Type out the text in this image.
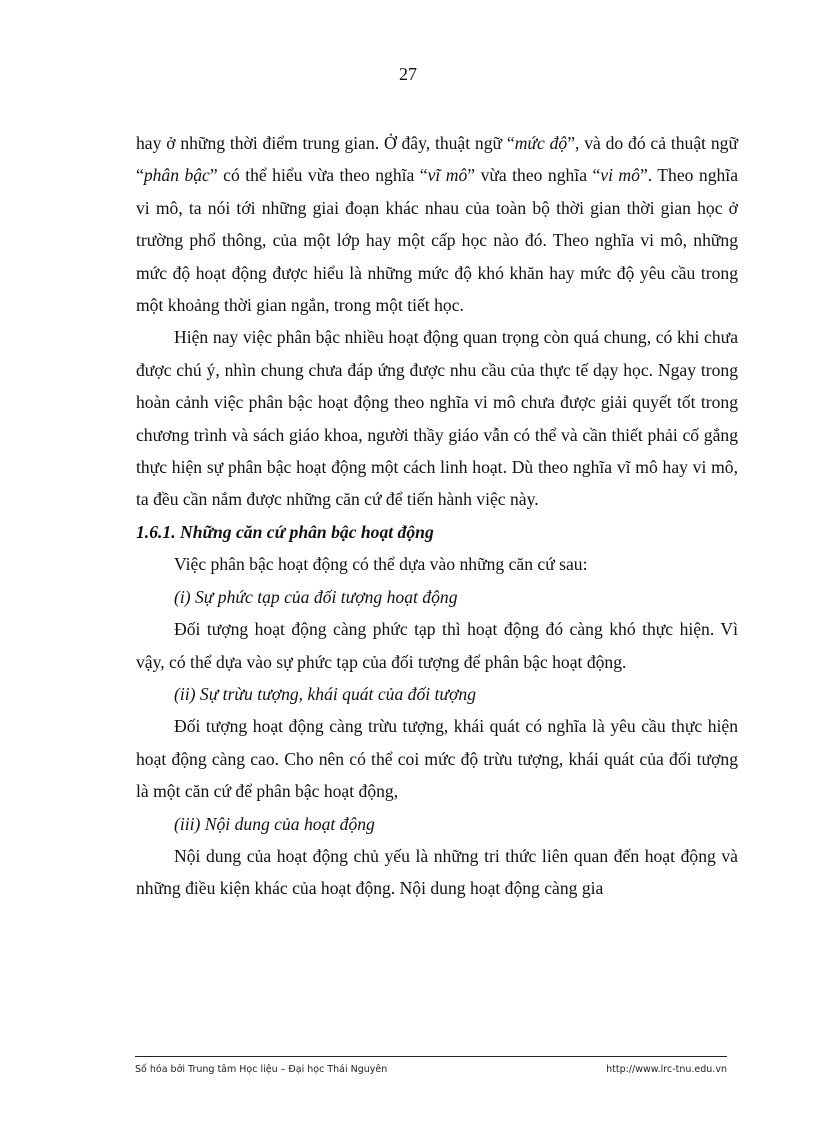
27

hay ở những thời điểm trung gian. Ở đây, thuật ngữ “mức độ”, và do đó cả thuật ngữ “phân bậc” có thể hiểu vừa theo nghĩa “vĩ mô” vừa theo nghĩa “vi mô”. Theo nghĩa vi mô, ta nói tới những giai đoạn khác nhau của toàn bộ thời gian thời gian học ở trường phổ thông, của một lớp hay một cấp học nào đó. Theo nghĩa vi mô, những mức độ hoạt động được hiểu là những mức độ khó khăn hay mức độ yêu cầu trong một khoảng thời gian ngắn, trong một tiết học.

Hiện nay việc phân bậc nhiều hoạt động quan trọng còn quá chung, có khi chưa được chú ý, nhìn chung chưa đáp ứng được nhu cầu của thực tế dạy học. Ngay trong hoàn cảnh việc phân bậc hoạt động theo nghĩa vi mô chưa được giải quyết tốt trong chương trình và sách giáo khoa, người thầy giáo vẫn có thể và cần thiết phải cố gắng thực hiện sự phân bậc hoạt động một cách linh hoạt. Dù theo nghĩa vĩ mô hay vi mô, ta đều cần nắm được những căn cứ để tiến hành việc này.

1.6.1. Những căn cứ phân bậc hoạt động

Việc phân bậc hoạt động có thể dựa vào những căn cứ sau:

(i) Sự phức tạp của đối tượng hoạt động

Đối tượng hoạt động càng phức tạp thì hoạt động đó càng khó thực hiện. Vì vậy, có thể dựa vào sự phức tạp của đối tượng để phân bậc hoạt động.

(ii) Sự trừu tượng, khái quát của đối tượng

Đối tượng hoạt động càng trừu tượng, khái quát có nghĩa là yêu cầu thực hiện hoạt động càng cao. Cho nên có thể coi mức độ trừu tượng, khái quát của đối tượng là một căn cứ để phân bậc hoạt động,

(iii) Nội dung của hoạt động

Nội dung của hoạt động chủ yếu là những tri thức liên quan đến hoạt động và những điều kiện khác của hoạt động. Nội dung hoạt động càng gia

Số hóa bởi Trung tâm Học liệu – Đại học Thái Nguyên	http://www.lrc-tnu.edu.vn
